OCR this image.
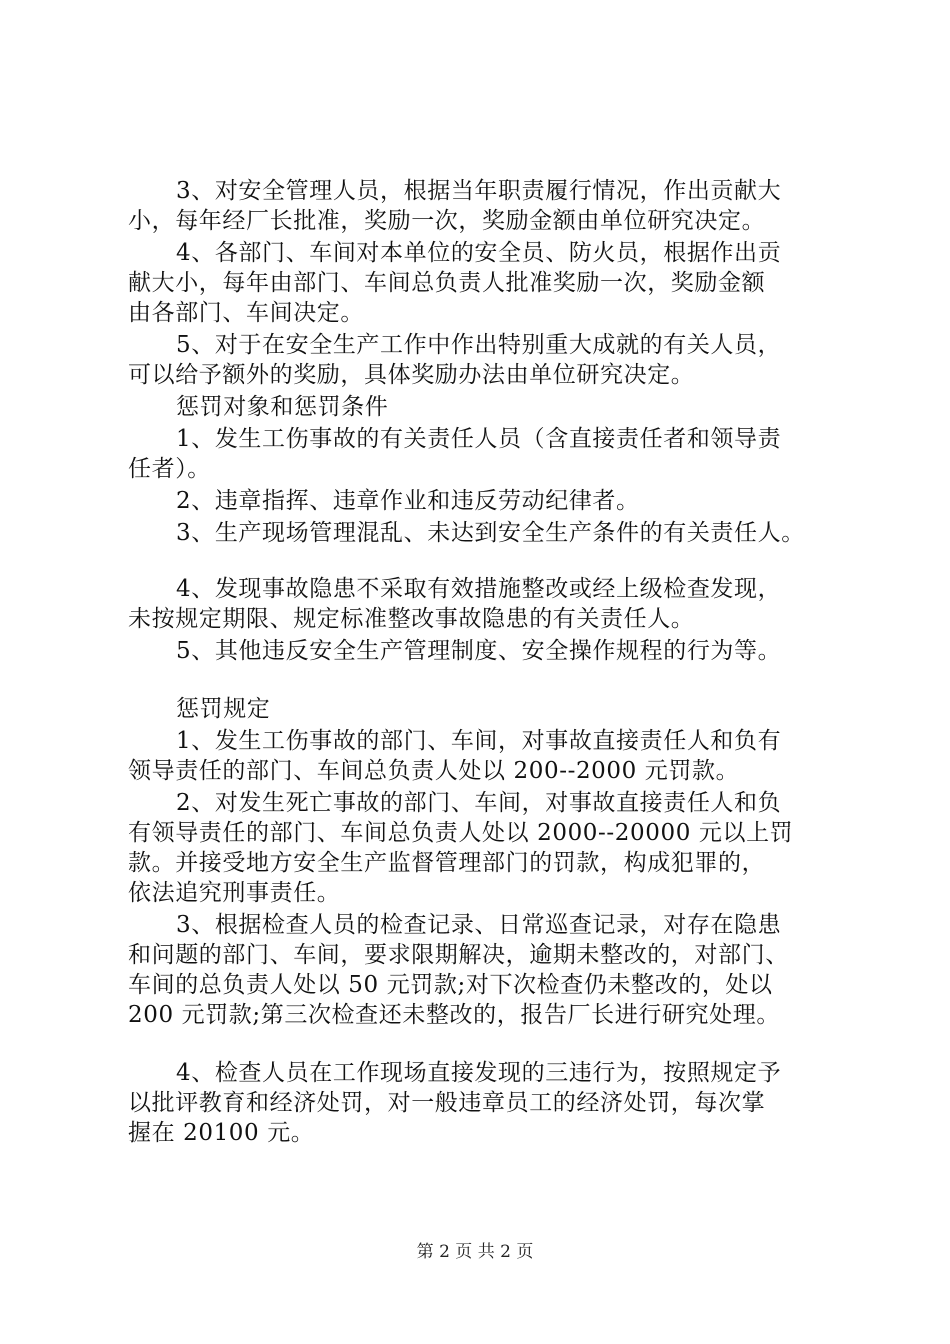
3、对安全管理人员，根据当年职责履行情况，作出贡献大
小，每年经厂长批准，奖励一次，奖励金额由单位研究决定。
4、各部门、车间对本单位的安全员、防火员，根据作出贡
献大小，每年由部门、车间总负责人批准奖励一次，奖励金额
由各部门、车间决定。
5、对于在安全生产工作中作出特别重大成就的有关人员，
可以给予额外的奖励，具体奖励办法由单位研究决定。
惩罚对象和惩罚条件
1、发生工伤事故的有关责任人员（含直接责任者和领导责
任者）。
2、违章指挥、违章作业和违反劳动纪律者。
3、生产现场管理混乱、未达到安全生产条件的有关责任人。
4、发现事故隐患不采取有效措施整改或经上级检查发现，
未按规定期限、规定标准整改事故隐患的有关责任人。
5、其他违反安全生产管理制度、安全操作规程的行为等。
惩罚规定
1、发生工伤事故的部门、车间，对事故直接责任人和负有
领导责任的部门、车间总负责人处以 200--2000 元罚款。
2、对发生死亡事故的部门、车间，对事故直接责任人和负
有领导责任的部门、车间总负责人处以 2000--20000 元以上罚
款。并接受地方安全生产监督管理部门的罚款，构成犯罪的，
依法追究刑事责任。
3、根据检查人员的检查记录、日常巡查记录，对存在隐患
和问题的部门、车间，要求限期解决，逾期未整改的，对部门、
车间的总负责人处以 50 元罚款;对下次检查仍未整改的，处以
200 元罚款;第三次检查还未整改的，报告厂长进行研究处理。
4、检查人员在工作现场直接发现的三违行为，按照规定予
以批评教育和经济处罚，对一般违章员工的经济处罚，每次掌
握在 20100 元。
第 2 页 共 2 页
